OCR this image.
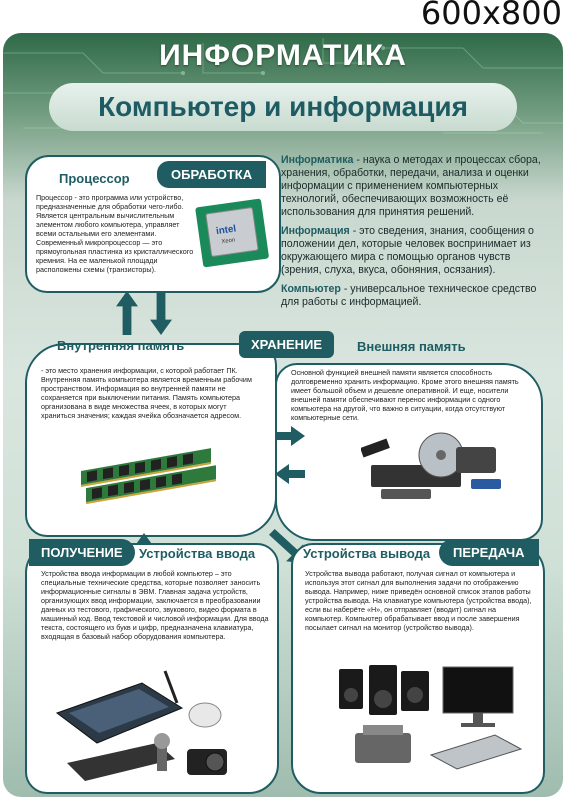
600x800
ИНФОРМАТИКА
Компьютер и информация
ОБРАБОТКА
Процессор
Процессор - это программа или устройство, предназначенные для обработки чего-либо. Является центральным вычислительным элементом любого компьютера, управляет всеми остальными его элементами. Современный микропроцессор — это прямоугольная пластинка из кристаллического кремния. На ее маленькой площади расположены схемы (транзисторы).
intel
Xeon

Информатика - наука о методах и процессах сбора, хранения, обработки, передачи, анализа и оценки информации с применением компьютерных технологий, обеспечивающих возможность её использования для принятия решений.

Информация - это сведения, знания, сообщения о положении дел, которые человек воспринимает из окружающего мира с помощью органов чувств (зрения, слуха, вкуса, обоняния, осязания).

Компьютер - универсальное техническое средство для работы с информацией.

Внутренняя память
- это место хранения информации, с которой работает ПК. Внутренняя память компьютера является временным рабочим пространством. Информация во внутренней памяти не сохраняется при выключении питания. Память компьютера организована в виде множества ячеек, в которых могут храниться значения; каждая ячейка обозначается адресом.
ХРАНЕНИЕ	Внешняя память
Основной функцией внешней памяти является способность долговременно хранить информацию. Кроме этого внешняя память имеет большой объем и дешевле оперативной. И еще, носители внешней памяти обеспечивают перенос информации с одного компьютера на другой, что важно в ситуации, когда отсутствуют компьютерные сети.
ПОЛУЧЕНИЕ	Устройства ввода
Устройства ввода информации в любой компьютер – это специальные технические средства, которые позволяет заносить информационные сигналы в ЭВМ. Главная задача устройств, организующих ввод информации, заключается в преобразовании данных из тестового, графического, звукового, видео формата в машинный код. Ввод текстовой и числовой информации. Для ввода текста, состоящего из букв и цифр, предназначена клавиатура, входящая в базовый набор оборудования компьютера.
Устройства вывода	ПЕРЕДАЧА
Устройства вывода работают, получая сигнал от компьютера и используя этот сигнал для выполнения задачи по отображению вывода. Например, ниже приведён основной список этапов работы устройства вывода. На клавиатуре компьютера (устройства ввода), если вы наберёте «Н», он отправляет (вводит) сигнал на компьютер. Компьютер обрабатывает ввод и после завершения посылает сигнал на монитор (устройство вывода).
